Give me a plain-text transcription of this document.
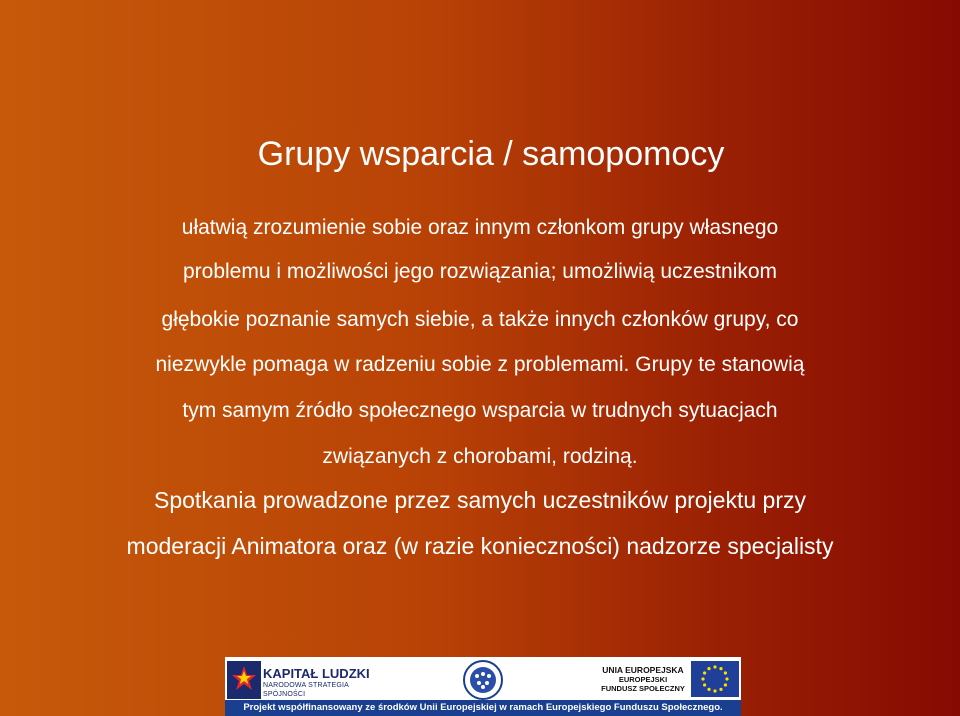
Grupy wsparcia / samopomocy
ułatwią zrozumienie sobie oraz innym członkom grupy własnego
problemu i możliwości jego rozwiązania; umożliwią uczestnikom
głębokie poznanie samych siebie, a także innych członków grupy, co
niezwykle pomaga w radzeniu sobie z problemami. Grupy te stanowią
tym samym źródło społecznego wsparcia w trudnych sytuacjach
związanych z chorobami, rodziną.
Spotkania prowadzone przez samych uczestników projektu przy
moderacji Animatora oraz (w razie konieczności) nadzorze specjalisty
KAPITAŁ LUDZKI
NARODOWA STRATEGIA SPÓJNOŚCI
UNIA EUROPEJSKA
EUROPEJSKI
FUNDUSZ SPOŁECZNY
Projekt współfinansowany ze środków Unii Europejskiej w ramach Europejskiego Funduszu Społecznego.
